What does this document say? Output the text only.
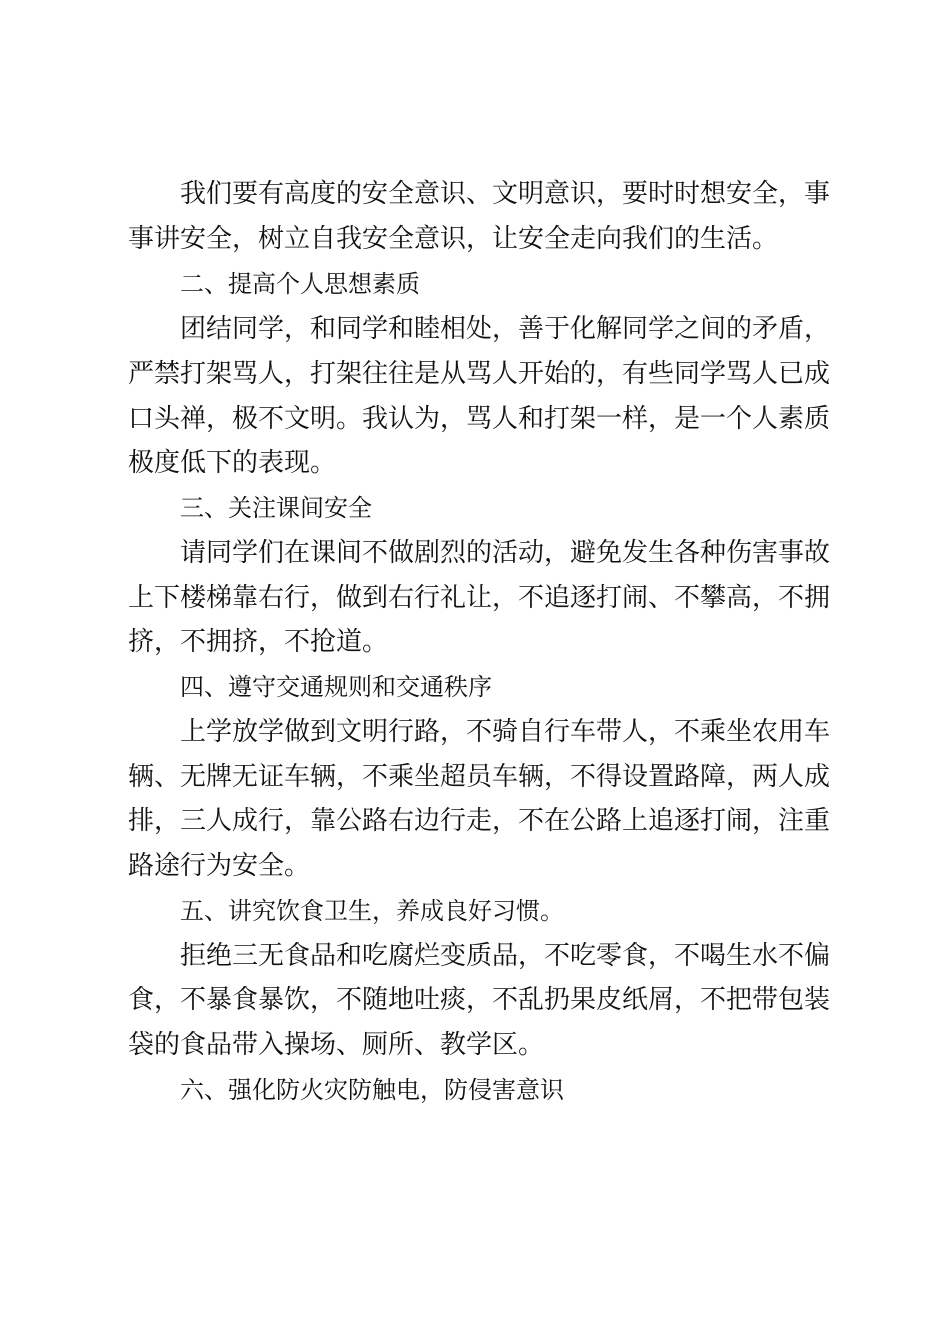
我们要有高度的安全意识、文明意识，要时时想安全，事
事讲安全，树立自我安全意识，让安全走向我们的生活。
二、提高个人思想素质
团结同学，和同学和睦相处，善于化解同学之间的矛盾，
严禁打架骂人，打架往往是从骂人开始的，有些同学骂人已成
口头禅，极不文明。我认为，骂人和打架一样，是一个人素质
极度低下的表现。
三、关注课间安全
请同学们在课间不做剧烈的活动，避免发生各种伤害事故
上下楼梯靠右行，做到右行礼让，不追逐打闹、不攀高，不拥
挤，不拥挤，不抢道。
四、遵守交通规则和交通秩序
上学放学做到文明行路，不骑自行车带人，不乘坐农用车
辆、无牌无证车辆，不乘坐超员车辆，不得设置路障，两人成
排，三人成行，靠公路右边行走，不在公路上追逐打闹，注重
路途行为安全。
五、讲究饮食卫生，养成良好习惯。
拒绝三无食品和吃腐烂变质品，不吃零食，不喝生水不偏
食，不暴食暴饮，不随地吐痰，不乱扔果皮纸屑，不把带包装
袋的食品带入操场、厕所、教学区。
六、强化防火灾防触电，防侵害意识
